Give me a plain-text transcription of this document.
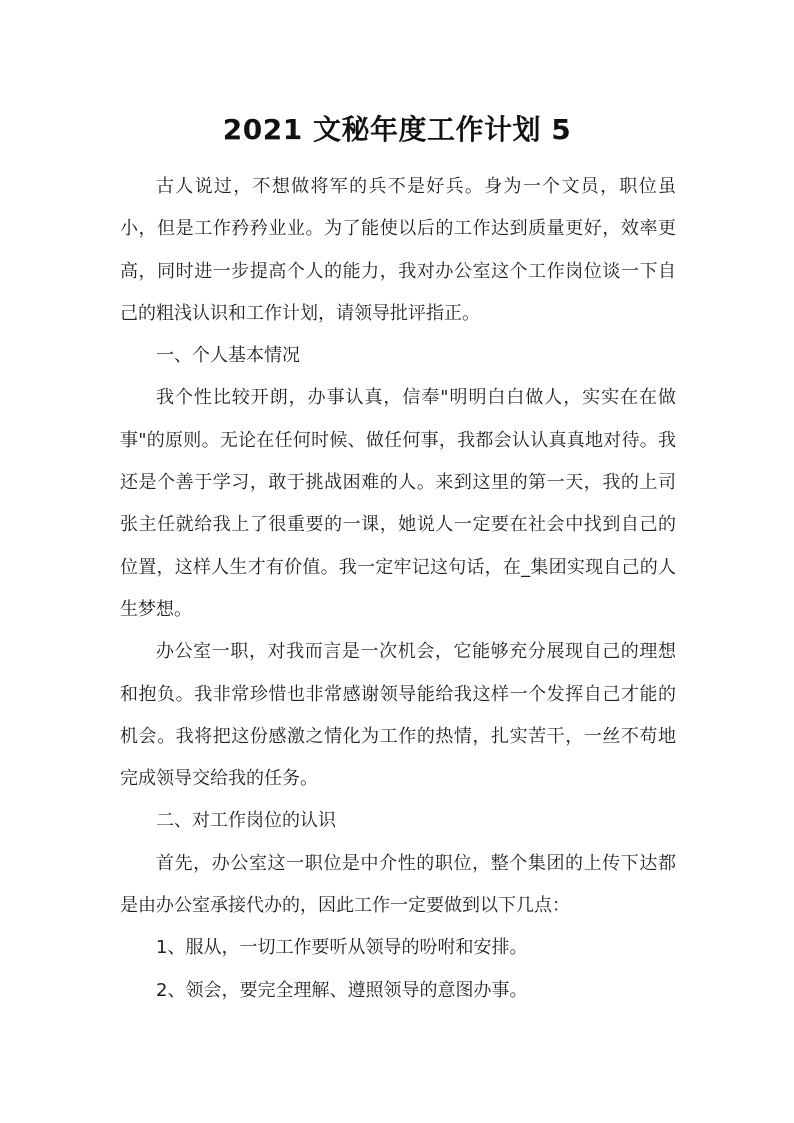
2021 文秘年度工作计划 5

古人说过，不想做将军的兵不是好兵。身为一个文员，职位虽小，但是工作矜矜业业。为了能使以后的工作达到质量更好，效率更高，同时进一步提高个人的能力，我对办公室这个工作岗位谈一下自己的粗浅认识和工作计划，请领导批评指正。

一、个人基本情况

我个性比较开朗，办事认真，信奉"明明白白做人，实实在在做事"的原则。无论在任何时候、做任何事，我都会认认真真地对待。我还是个善于学习，敢于挑战困难的人。来到这里的第一天，我的上司张主任就给我上了很重要的一课，她说人一定要在社会中找到自己的位置，这样人生才有价值。我一定牢记这句话，在_集团实现自己的人生梦想。

办公室一职，对我而言是一次机会，它能够充分展现自己的理想和抱负。我非常珍惜也非常感谢领导能给我这样一个发挥自己才能的机会。我将把这份感激之情化为工作的热情，扎实苦干，一丝不苟地完成领导交给我的任务。

二、对工作岗位的认识

首先，办公室这一职位是中介性的职位，整个集团的上传下达都是由办公室承接代办的，因此工作一定要做到以下几点：

1、服从，一切工作要听从领导的吩咐和安排。

2、领会，要完全理解、遵照领导的意图办事。
